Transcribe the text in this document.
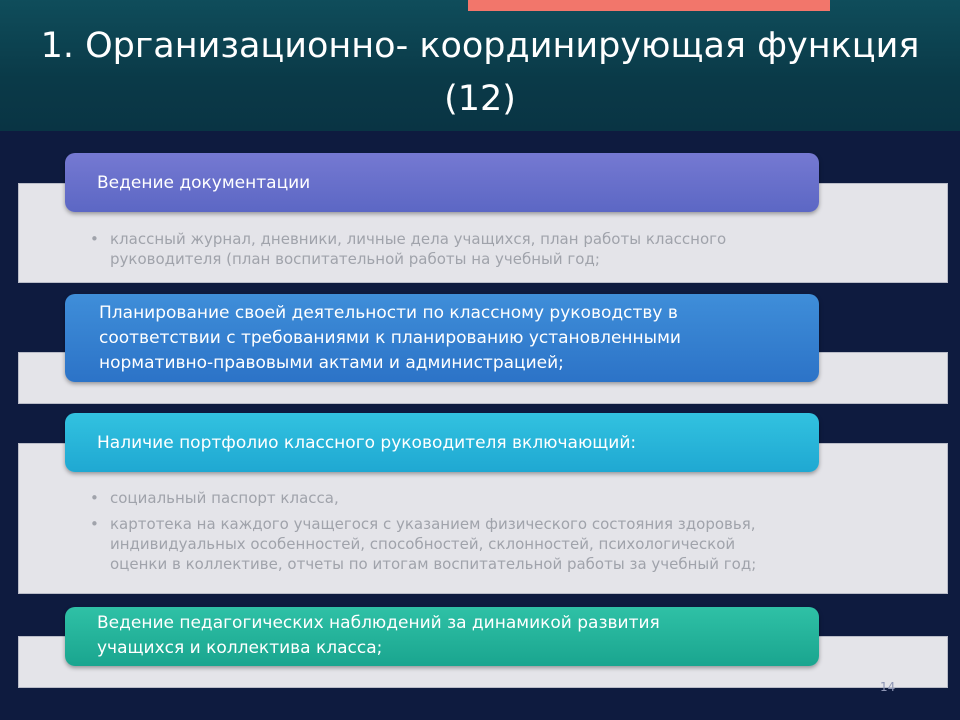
1. Организационно- координирующая функция
(12)
Ведение документации
• классный журнал, дневники, личные дела учащихся, план работы классного
руководителя (план воспитательной работы на учебный год;
Планирование своей деятельности по классному руководству в
соответствии с требованиями к планированию установленными
нормативно-правовыми актами и администрацией;
Наличие портфолио классного руководителя включающий:
• социальный паспорт класса,
• картотека на каждого учащегося с указанием физического состояния здоровья,
индивидуальных особенностей, способностей, склонностей, психологической
оценки в коллективе, отчеты по итогам воспитательной работы за учебный год;
Ведение педагогических наблюдений за динамикой развития
учащихся и коллектива класса;
14
